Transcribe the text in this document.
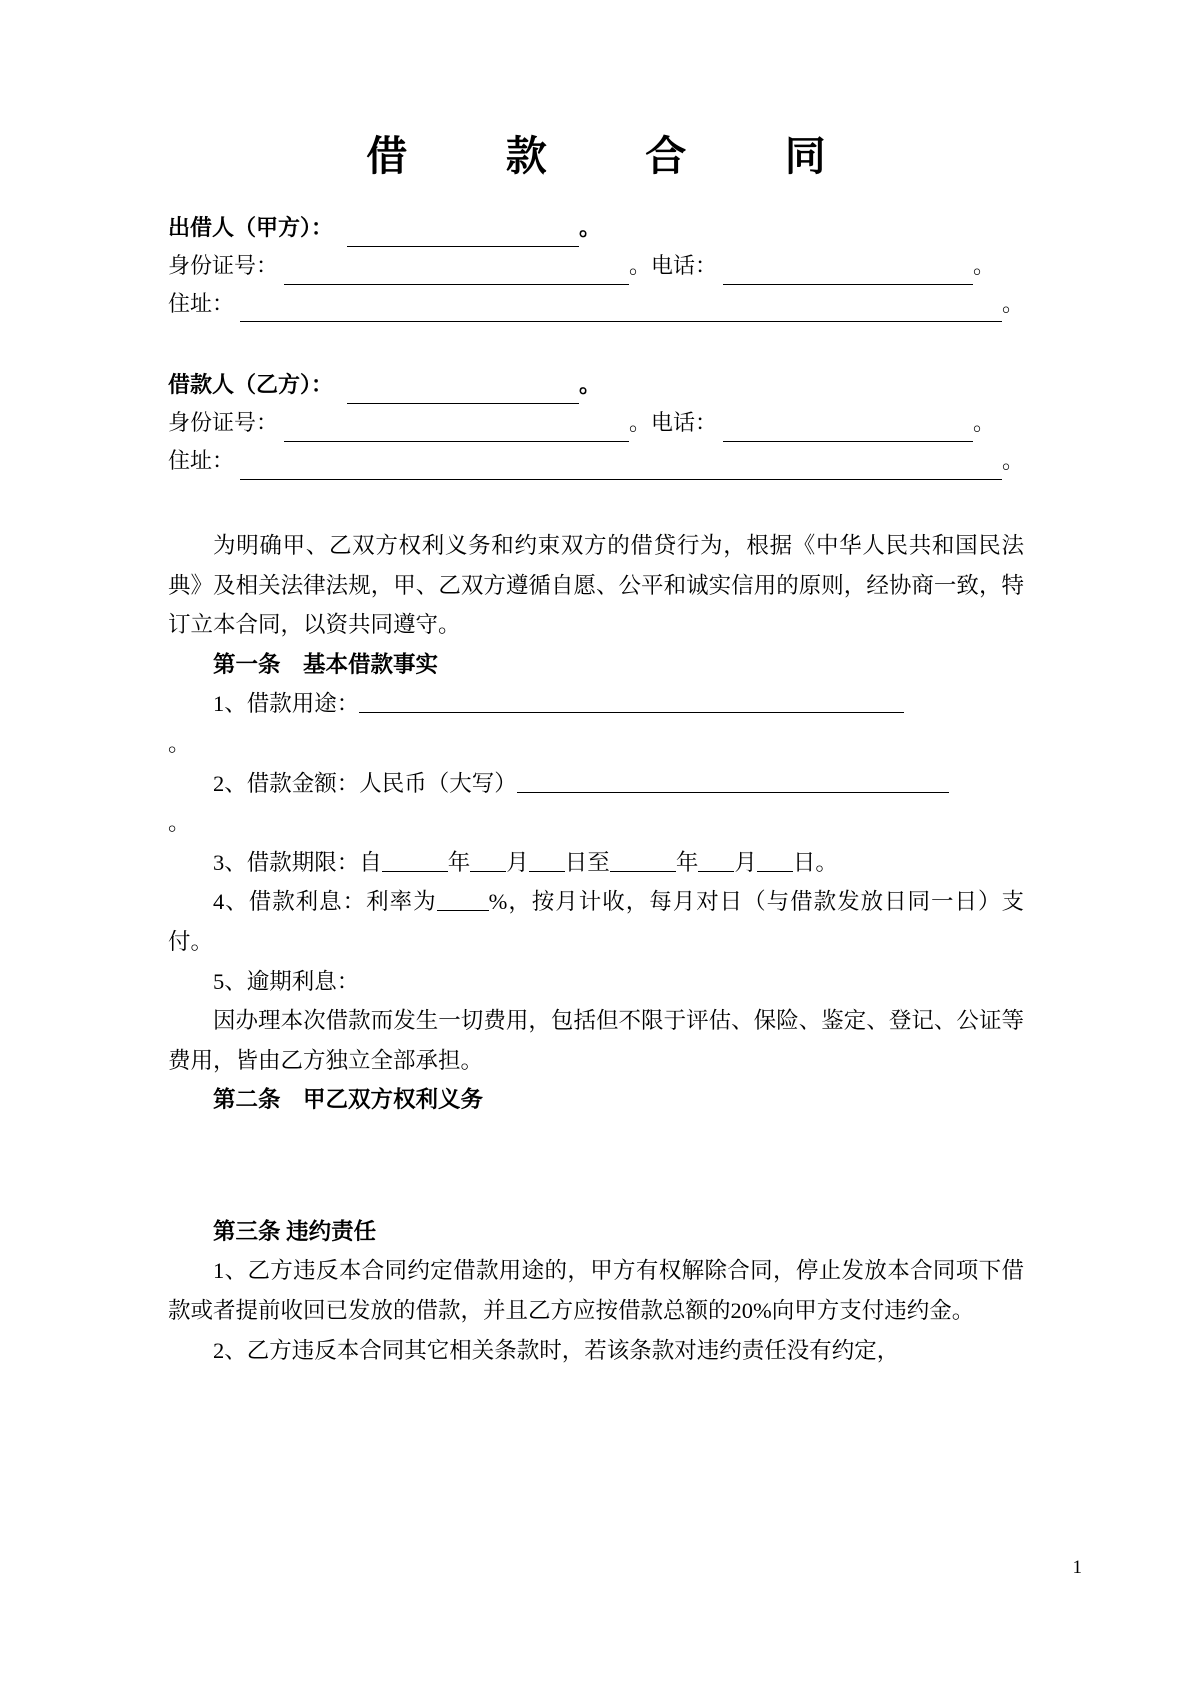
借  款  合  同
出借人（甲方）：	。
身份证号：	。 电话：	。
住址：	。
借款人（乙方）：	。
身份证号：	。 电话：	。
住址：	。

为明确甲、乙双方权利义务和约束双方的借贷行为，根据《中华人民共和国民法典》及相关法律法规，甲、乙双方遵循自愿、公平和诚实信用的原则，经协商一致，特订立本合同，以资共同遵守。

第一条　基本借款事实

1、借款用途：

。

2、借款金额：人民币（大写）

。

3、借款期限：自	年 月 日至	年 月 日。

4、借款利息：利率为 %，按月计收，每月对日（与借款发放日同一日）支付。

5、逾期利息：

因办理本次借款而发生一切费用，包括但不限于评估、保险、鉴定、登记、公证等费用，皆由乙方独立全部承担。

第二条　甲乙双方权利义务

第三条 违约责任

1、乙方违反本合同约定借款用途的，甲方有权解除合同，停止发放本合同项下借款或者提前收回已发放的借款，并且乙方应按借款总额的20%向甲方支付违约金。

2、乙方违反本合同其它相关条款时，若该条款对违约责任没有约定，

1
